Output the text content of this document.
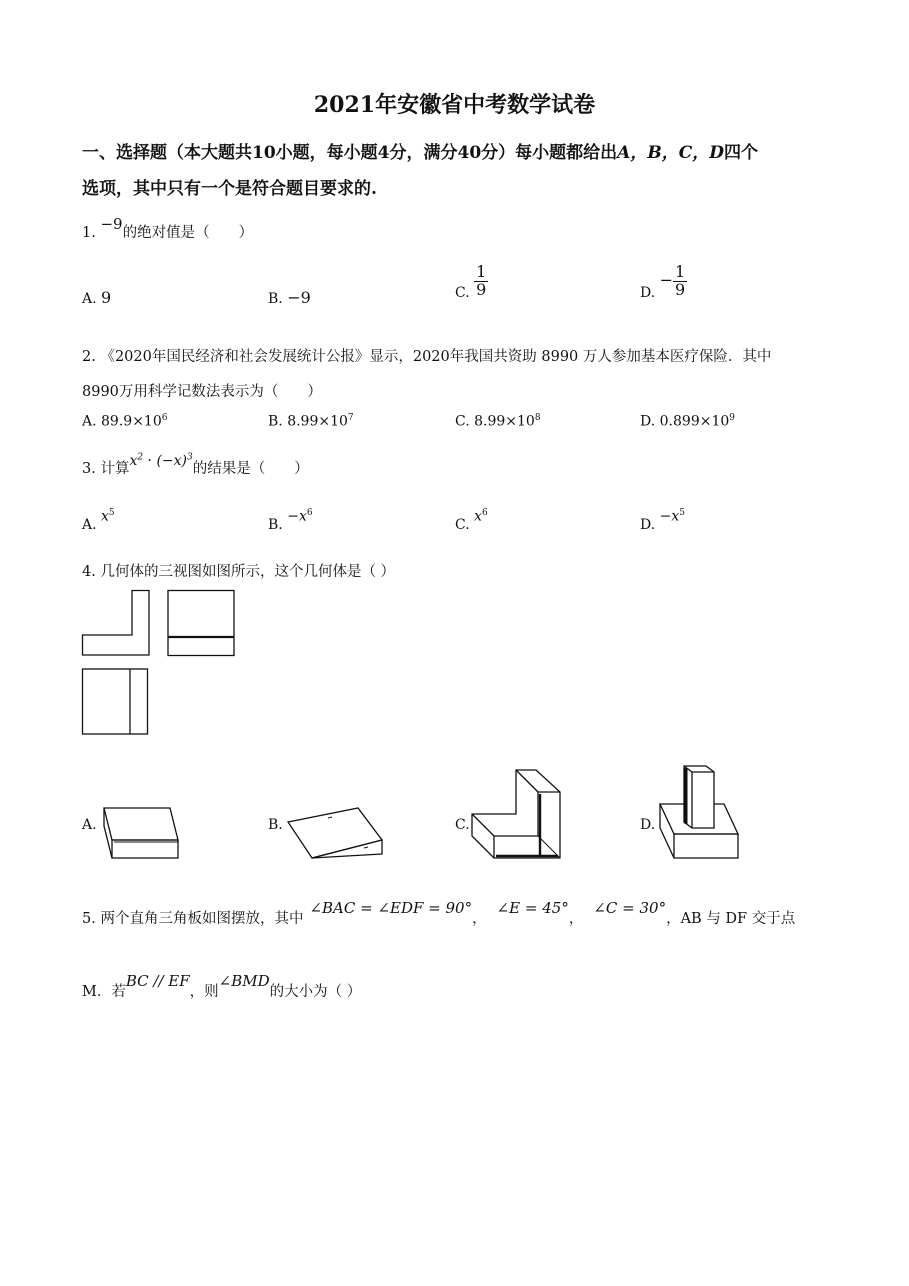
2021年安徽省中考数学试卷
一、选择题（本大题共10小题，每小题4分，满分40分）每小题都给出A，B，C，D四个
选项，其中只有一个是符合题目要求的.
1. −9的绝对值是（　　）
A. 9	B. −9	C. $\frac{1}{9}$	D. − $\frac{1}{9}$
2. 《2020年国民经济和社会发展统计公报》显示，2020年我国共资助 8990 万人参加基本医疗保险．其中
8990万用科学记数法表示为（　　）
A. $89.9\times 10^6$	B. $8.99\times 10^7$	C. $8.99\times 10^8$	D. $0.899\times 10^9$
3. 计算$x^2 \cdot (-x)^3$的结果是（　　）
A. $x^5$
B. $-x^6$
C. $x^6$
D. $-x^5$
4. 几何体的三视图如图所示，这个几何体是（ ）
A.	B.	C.	D.
5. 两个直角三角板如图摆放，其中∠BAC = ∠EDF = 90°，∠E = 45°，∠C = 30°，AB 与 DF 交于点
M．若BC // EF，则∠BMD的大小为（ ）
